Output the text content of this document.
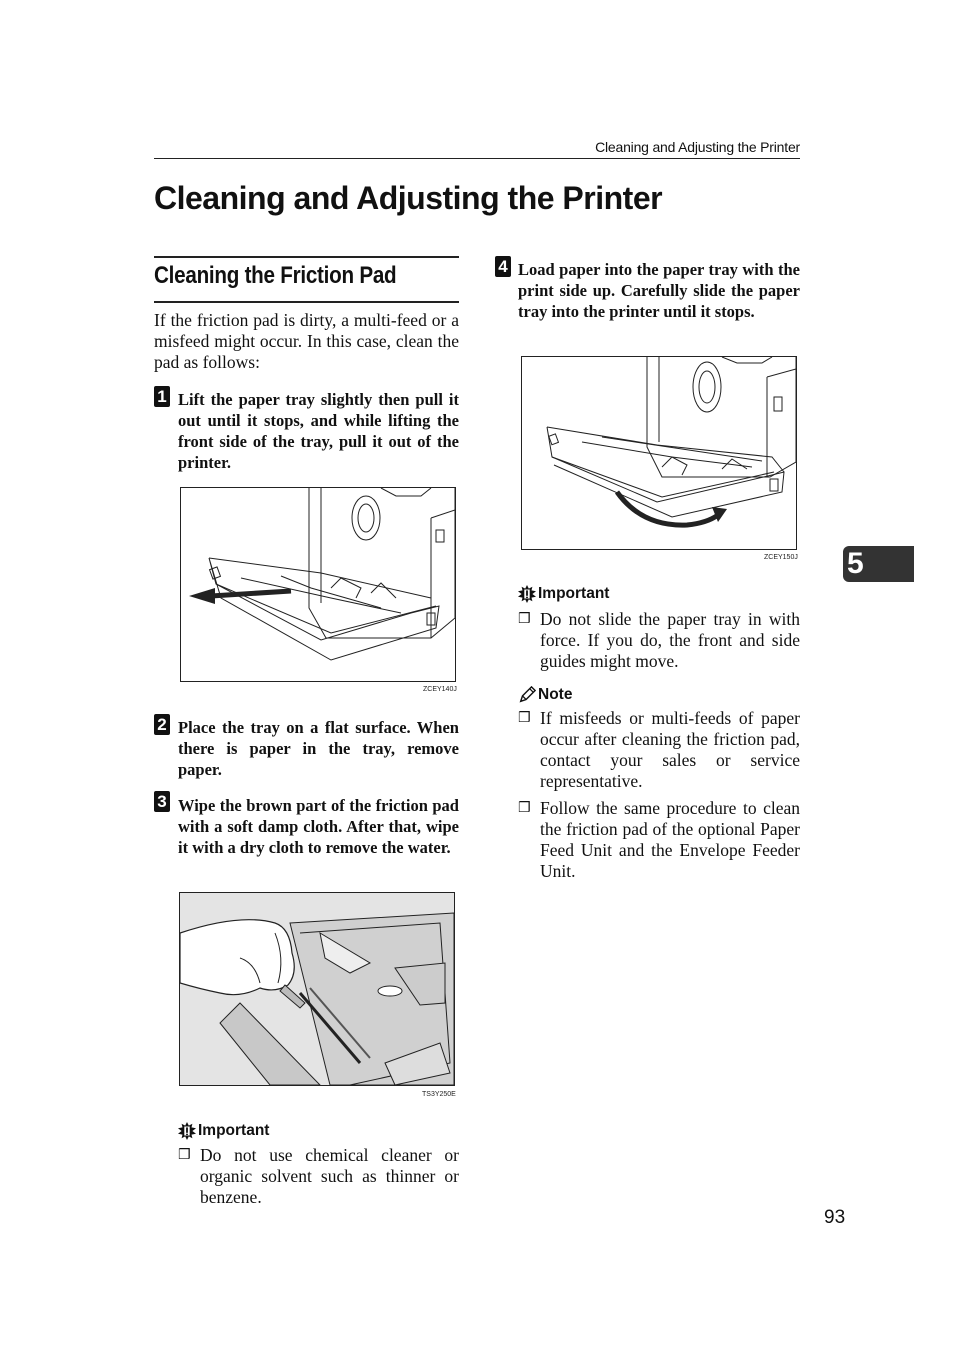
Cleaning and Adjusting the Printer
Cleaning and Adjusting the Printer
Cleaning the Friction Pad
If the friction pad is dirty, a multi-feed or a misfeed might occur. In this case, clean the pad as follows:
1 Lift the paper tray slightly then pull it out until it stops, and while lifting the front side of the tray, pull it out of the printer.
ZCEY140J
2 Place the tray on a flat surface. When there is paper in the tray, remove paper.
3 Wipe the brown part of the friction pad with a soft damp cloth. After that, wipe it with a dry cloth to remove the water.
TS3Y250E
Important
❒ Do not use chemical cleaner or organic solvent such as thinner or benzene.
4 Load paper into the paper tray with the print side up. Carefully slide the paper tray into the printer until it stops.
ZCEY150J
Important
❒ Do not slide the paper tray in with force. If you do, the front and side guides might move.
Note
❒ If misfeeds or multi-feeds of paper occur after cleaning the friction pad, contact your sales or service representative.
❒ Follow the same procedure to clean the friction pad of the optional Paper Feed Unit and the Envelope Feeder Unit.
5
93
